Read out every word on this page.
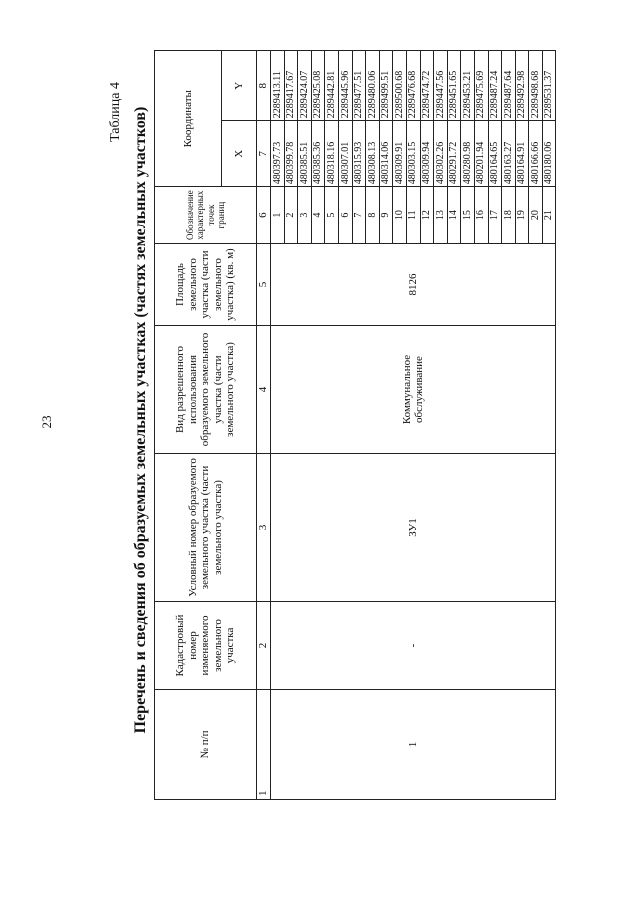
23
Таблица 4 Перечень и сведения об образуемых земельных участках (частях земельных участков)
№ п/п	Кадастровый номер изменяемого земельного участка	Условный номер образуемого земельного участка (части земельного участка)	Вид разрешенного использования образуемого земельного участка (части земельного участка)	Площадь земельного участка (части земельного участка) (кв. м)	Обозначение характерных точек границ	Координаты	
						X	Y
1	2	3	4	5	6	7	8
1	-	ЗУ1	Коммунальное обслуживание	8126	1	480397.73	2289413.11
					2	480399.78	2289417.67
					3	480385.51	2289424.07
					4	480385.36	2289425.08
					5	480318.16	2289442.81
					6	480307.01	2289445.96
					7	480315.93	2289477.51
					8	480308.13	2289480.06
					9	480314.06	2289499.51
					10	480309.91	2289500.68
					11	480303.15	2289476.68
					12	480309.94	2289474.72
					13	480302.26	2289447.56
					14	480291.72	2289451.65
					15	480280.98	2289453.21
					16	480201.94	2289475.69
					17	480164.65	2289487.24
					18	480163.27	2289487.64
					19	480164.91	2289492.98
					20	480166.66	2289498.68
					21	480180.06	2289531.37
